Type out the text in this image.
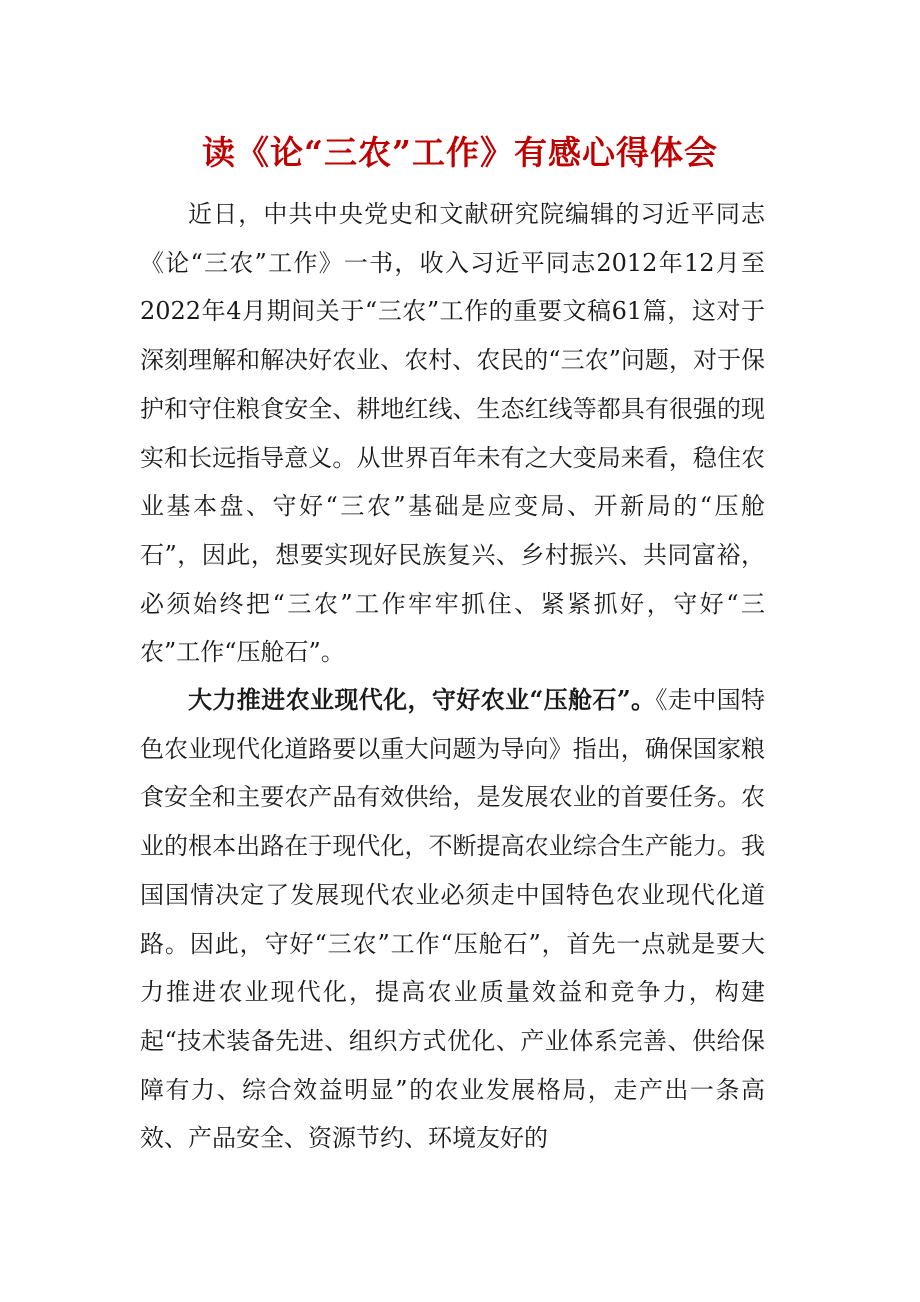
读《论“三农”工作》有感心得体会

近日，中共中央党史和文献研究院编辑的习近平同志《论“三农”工作》一书，收入习近平同志2012年12月至2022年4月期间关于“三农”工作的重要文稿61篇，这对于深刻理解和解决好农业、农村、农民的“三农”问题，对于保护和守住粮食安全、耕地红线、生态红线等都具有很强的现实和长远指导意义。从世界百年未有之大变局来看，稳住农业基本盘、守好“三农”基础是应变局、开新局的“压舱石”，因此，想要实现好民族复兴、乡村振兴、共同富裕，必须始终把“三农”工作牢牢抓住、紧紧抓好，守好“三农”工作“压舱石”。

大力推进农业现代化，守好农业“压舱石”。《走中国特色农业现代化道路要以重大问题为导向》指出，确保国家粮食安全和主要农产品有效供给，是发展农业的首要任务。农业的根本出路在于现代化，不断提高农业综合生产能力。我国国情决定了发展现代农业必须走中国特色农业现代化道路。因此，守好“三农”工作“压舱石”，首先一点就是要大力推进农业现代化，提高农业质量效益和竞争力，构建起“技术装备先进、组织方式优化、产业体系完善、供给保障有力、综合效益明显”的农业发展格局，走产出一条高效、产品安全、资源节约、环境友好的
